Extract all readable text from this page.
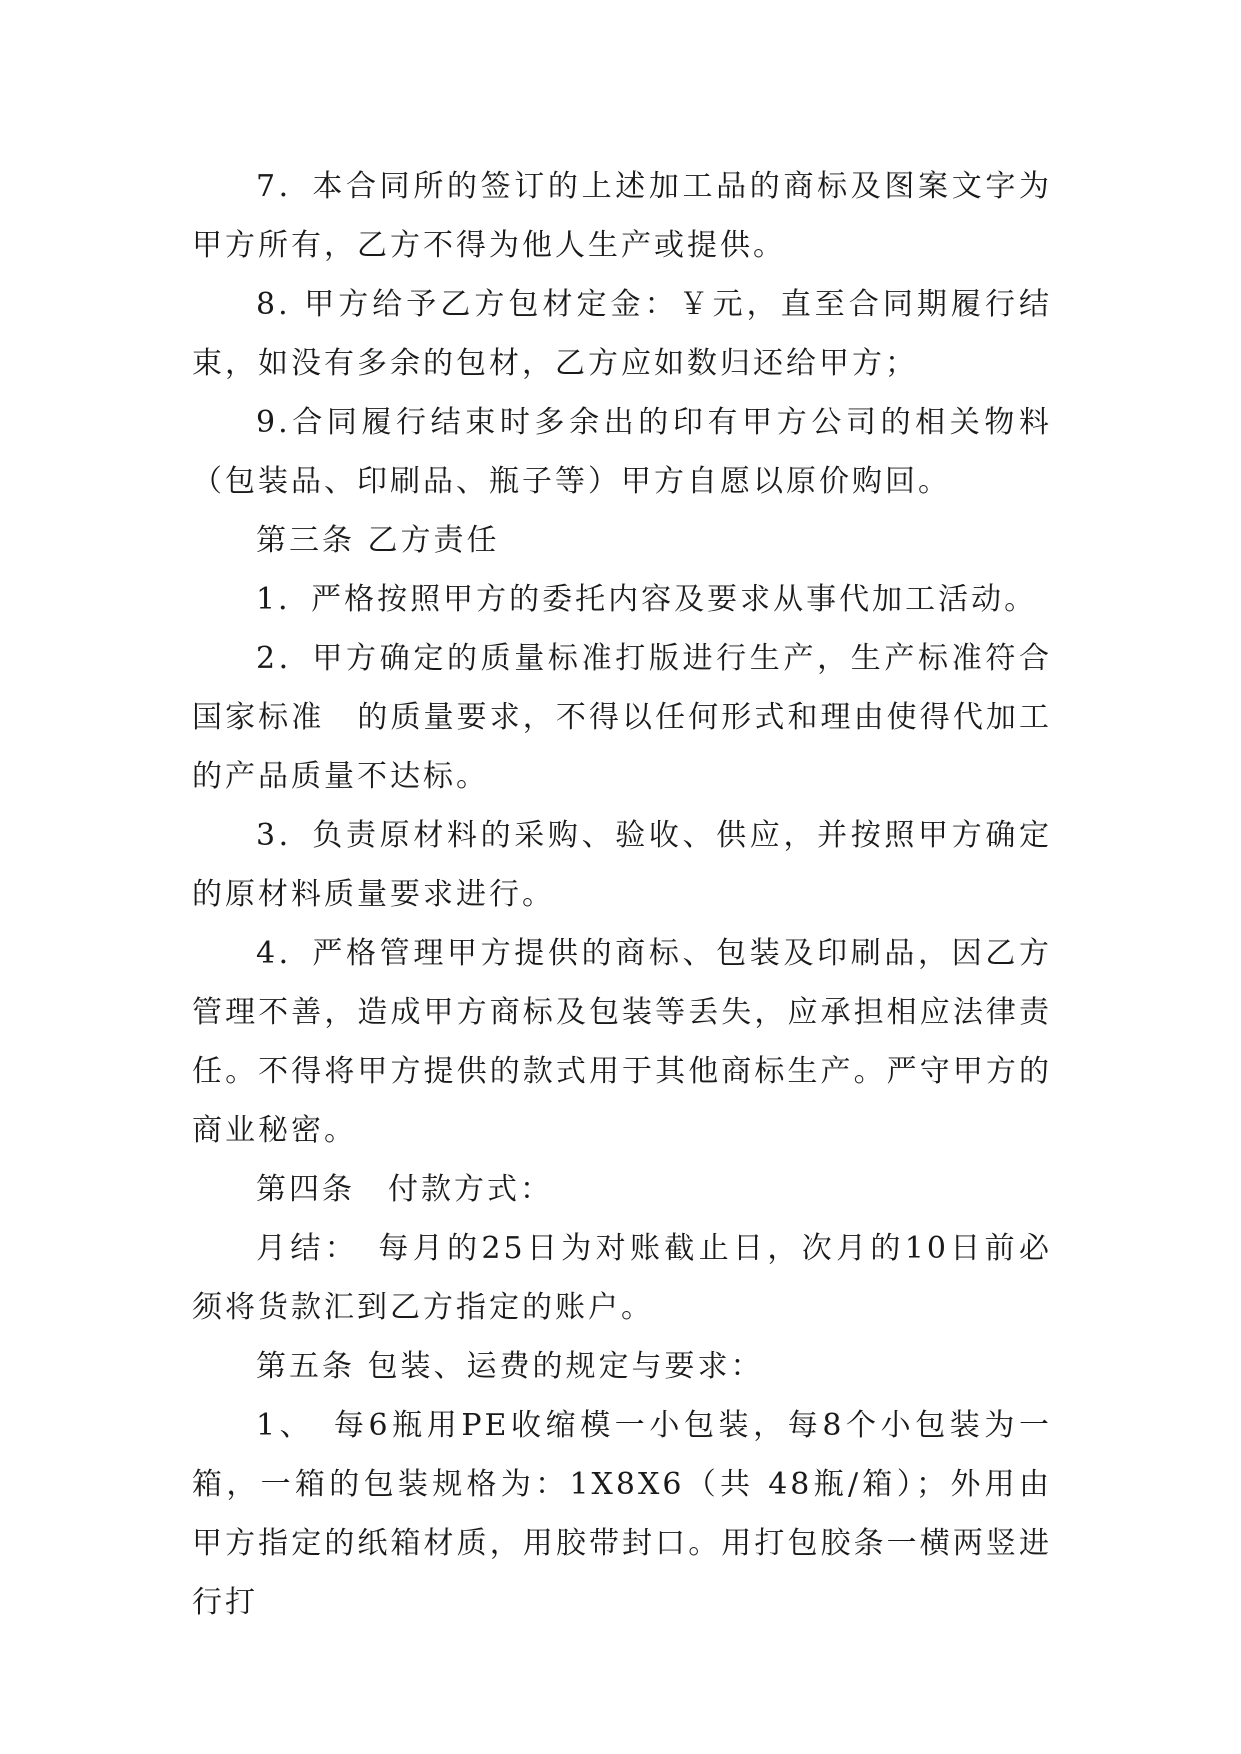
7．本合同所的签订的上述加工品的商标及图案文字为甲方所有，乙方不得为他人生产或提供。

8. 甲方给予乙方包材定金：￥元，直至合同期履行结束，如没有多余的包材，乙方应如数归还给甲方；

9.合同履行结束时多余出的印有甲方公司的相关物料（包装品、印刷品、瓶子等）甲方自愿以原价购回。

第三条 乙方责任

1．严格按照甲方的委托内容及要求从事代加工活动。

2．甲方确定的质量标准打版进行生产，生产标准符合国家标准　的质量要求，不得以任何形式和理由使得代加工的产品质量不达标。

3．负责原材料的采购、验收、供应，并按照甲方确定的原材料质量要求进行。

4．严格管理甲方提供的商标、包装及印刷品，因乙方管理不善，造成甲方商标及包装等丢失，应承担相应法律责任。不得将甲方提供的款式用于其他商标生产。严守甲方的商业秘密。

第四条　付款方式：

月结：　每月的25日为对账截止日，次月的10日前必须将货款汇到乙方指定的账户。

第五条 包装、运费的规定与要求：

1、　每6瓶用PE收缩模一小包装，每8个小包装为一箱，一箱的包装规格为：1X8X6（共 48瓶/箱）；外用由甲方指定的纸箱材质，用胶带封口。用打包胶条一横两竖进行打
